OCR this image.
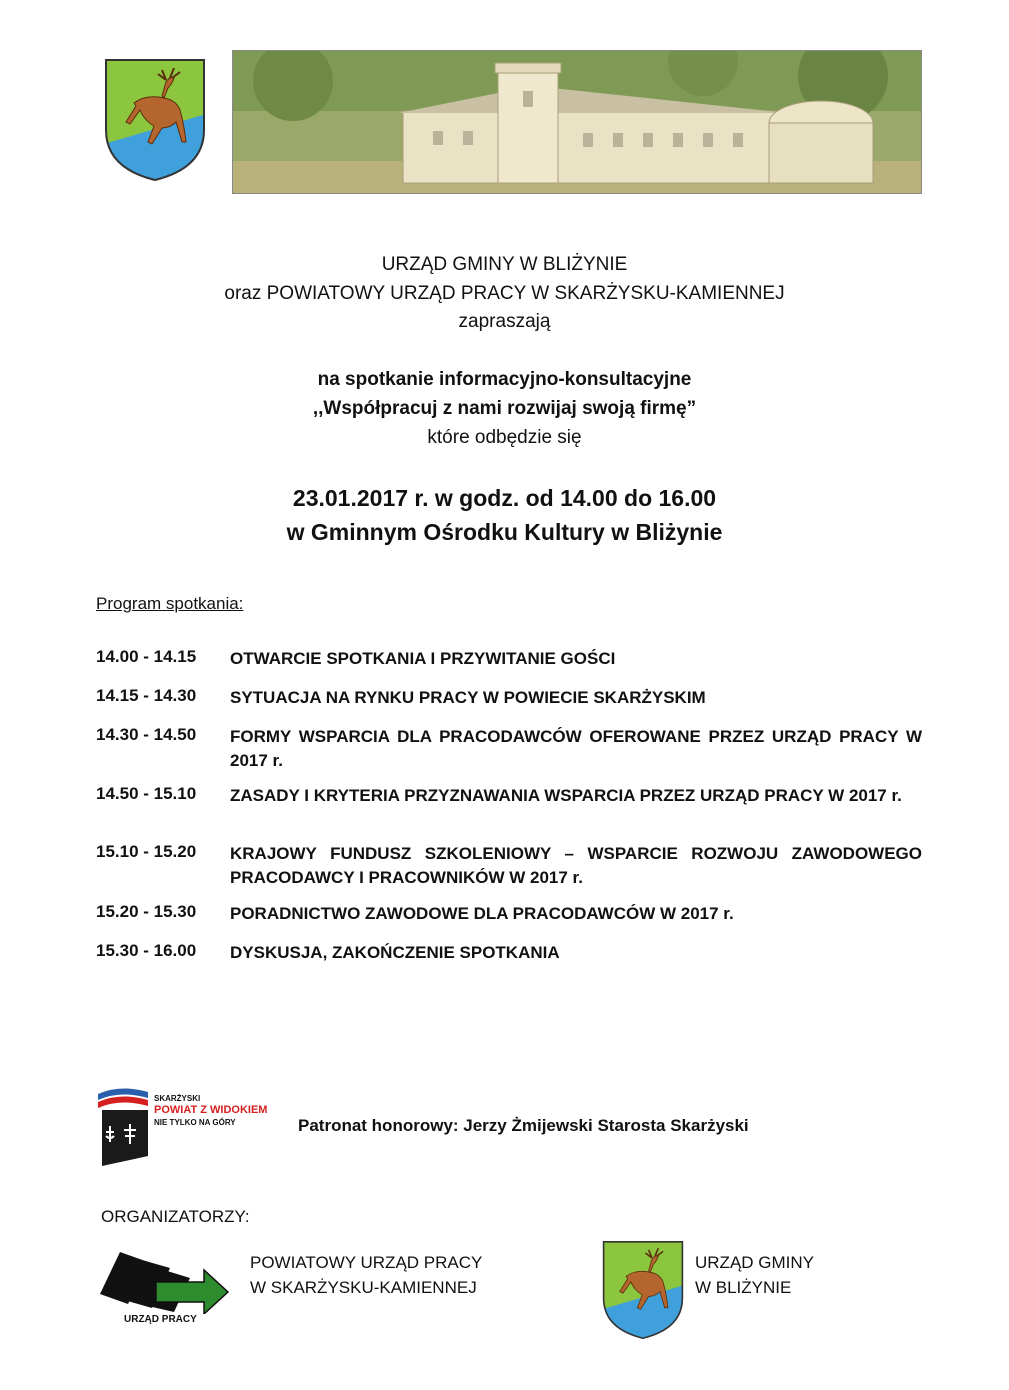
URZĄD GMINY W BLIŻYNIE
oraz POWIATOWY URZĄD PRACY W SKARŻYSKU-KAMIENNEJ
zapraszają
na spotkanie informacyjno-konsultacyjne
,,Współpracuj z nami rozwijaj swoją firmę”
które odbędzie się
23.01.2017 r. w godz. od 14.00 do 16.00
w Gminnym Ośrodku Kultury w Bliżynie
Program spotkania:
14.00 - 14.15 OTWARCIE SPOTKANIA I PRZYWITANIE GOŚCI
14.15 - 14.30 SYTUACJA NA RYNKU PRACY W POWIECIE SKARŻYSKIM
14.30 - 14.50 FORMY WSPARCIA DLA PRACODAWCÓW OFEROWANE PRZEZ URZĄD PRACY W 2017 r.
14.50 - 15.10 ZASADY I KRYTERIA PRZYZNAWANIA WSPARCIA PRZEZ URZĄD PRACY W 2017 r.
15.10 - 15.20 KRAJOWY FUNDUSZ SZKOLENIOWY – WSPARCIE ROZWOJU ZAWODOWEGO PRACODAWCY I PRACOWNIKÓW W 2017 r.
15.20 - 15.30 PORADNICTWO ZAWODOWE DLA PRACODAWCÓW W 2017 r.
15.30 - 16.00 DYSKUSJA, ZAKOŃCZENIE SPOTKANIA
SKARŻYSKI
POWIAT Z WIDOKIEM
NIE TYLKO NA GÓRY	Patronat honorowy: Jerzy Żmijewski Starosta Skarżyski
ORGANIZATORZY:
URZĄD PRACY
POWIATOWY URZĄD PRACY
W SKARŻYSKU-KAMIENNEJ
URZĄD GMINY
W BLIŻYNIE
